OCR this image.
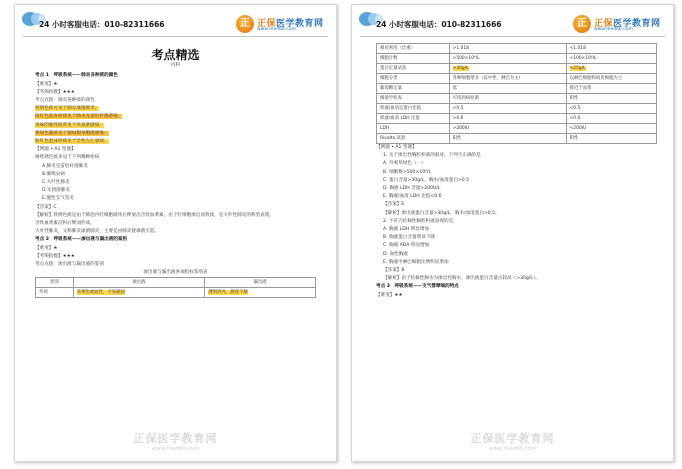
24 小时客服电话：010-82311666	正 正保医学教育网
www.med66.com
考点精选
内科
考点 1　呼吸系统——肺炎各种痰的颜色
【难度】★
【考频指数】★★★
考点点拨：肺炎各种痰的颜色
铁锈色痰可见于肺炎球菌肺炎；
砖红色胶冻样痰见于肺炎克雷伯杆菌感染；
臭味的脓性痰常见于厌氧菌感染；
黄绿色脓痰见于铜绿假单胞菌感染；
粉红色泡沫样痰见于急性左心衰竭。
【例题 • A1 型题】
咯铁锈色痰多见于下列哪种疾病
A.肺炎克雷伯杆菌肺炎
B.肺吸虫病
C.大叶性肺炎
D.军团菌肺炎
E.慢性支气管炎
【答案】C
【解析】铁锈色痰是由于肺泡内红细胞破坏后释放出含铁血黄素，由于红细胞渗出而致痰，是大叶性肺炎的典型表现。
含铁血黄素沉积后继而形成。
大叶性肺炎，又称肺炎球菌肺炎，主要是由肺炎链球菌引起。
考点 2　呼吸系统——渗出液与漏出液的鉴别
【难度】★
【考频指数】★★★
考点点拨：渗出液与漏出液的鉴别
渗出液与漏出液各项指标鉴别表
类别	渗出液	漏出液
外观	草黄色或血性，不易凝固	透明清亮，静置不凝
正保医学教育网
www.med66.com
24 小时客服电话：010-82311666	正 正保医学教育网
www.med66.com
相对密度（比重）	>1.018	<1.018
细胞计数	>500×10⁶/L	<100×10⁶/L
蛋白定量试验	>30g/L	<25g/L
细胞分类	各种细胞增多（以中性、淋巴为主）	以淋巴细胞和间皮细胞为主
葡萄糖定量	低	接近于血浆
细菌学检查	可找到病原菌	阴性
积液/血清总蛋白比值	>0.5	<0.5
积液/血清 LDH 比值	>0.6	<0.6
LDH	>200IU	<200IU
Rivalta 试验	阳性	阴性
【例题 • A1 型题】
1. 关于渗出性胸腔积液的叙述，下列不正确的是
A. 外观草绿色（一）
B. 细胞数>500×10⁶/L
C. 蛋白含量>30g/L，胸水/血清蛋白>0.5
D. 胸液 LDH 含量>200U/L
E. 胸液/血清 LDH 比值<0.6
【答案】E
【解析】渗出液蛋白含量>30g/L，胸水/血清蛋白>0.5。
2. 不符合结核性胸腔积液表现的是
A. 胸液 LDH 明显增加
B. 胸液蛋白含量明显下降
C. 胸液 ADA 明显增加
D. 血性胸液
E. 胸液中淋巴细胞比例明显增加
【答案】B
【解析】由于结核性胸水为渗出性胸水，渗出液蛋白含量应较高（>30g/L）。
考点 3　呼吸系统——支气管哮喘的特点
【难度】★★
正保医学教育网
www.med66.com
